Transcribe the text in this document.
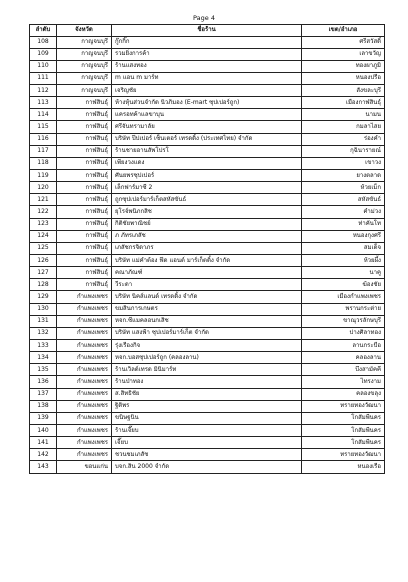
Page 4
ลำดับ	จังหวัด	ชื่อร้าน	เขต/อำเภอ
108	กาญจนบุรี	กู๊กกิ๊ก	ศรีสวัสดิ์
109	กาญจนบุรี	รวมยิ่งการค้า	เลาขวัญ
110	กาญจนบุรี	ร้านแสงทอง	ทองผาภูมิ
111	กาญจนบุรี	m แอน m มาร์ท	หนองปรือ
112	กาญจนบุรี	เจริญชัย	สังขละบุรี
113	กาฬสินธุ์	ห้างหุ้นส่วนจำกัด นิวภิมอง (E-mart ซุปเปอร์ถูก)	เมืองกาฬสินธุ์
114	กาฬสินธุ์	แครอทค้าแลขาบุน	นามน
115	กาฬสินธุ์	ศรีจันทรามาลัย	กมลาไสย
116	กาฬสินธุ์	บริษัท ปีปเปอร์ เซ็นเตอร์ เทรดดิ้ง (ประเทศไทย) จำกัด	ร่องคำ
117	กาฬสินธุ์	ร้านชายอานสัพโปรโ	กุฉินารายณ์
118	กาฬสินธุ์	เพียงวงแดง	เขาวง
119	กาฬสินธุ์	ศันยพรซุปเปอร์	ยางตลาด
120	กาฬสินธุ์	เล็กฟาร์มาซี 2	ห้วยเม็ก
121	กาฬสินธุ์	ถูกซุปเปอร์มาร์เก็ตสหัสขันธ์	สหัสขันธ์
122	กาฬสินธุ์	ยุโรจ์พนิภกสิช	คำม่วง
123	กาฬสินธุ์	กิติชัยพาณิชย์	ท่าคันโท
124	กาฬสินธุ์	ภ ภัทรเภสัช	หนองกุงศรี
125	กาฬสินธุ์	เภสัชกรจิดาภร	สมเด็จ
126	กาฬสินธุ์	บริษัท แม่คำต้อง ฟีด แอนด์ มาร์เก็ตติ้ง จำกัด	ห้วยผึ้ง
127	กาฬสินธุ์	คณาภัณฑ์	นาคู
128	กาฬสินธุ์	วีระดา	ฆ้องชัย
129	กำแพงเพชร	บริษัท นิคส์แลนด์ เทรดดิ้ง จำกัด	เมืองกำแพงเพชร
130	กำแพงเพชร	ขมสินการเกษตร	พรานกระต่าย
131	กำแพงเพชร	หจก.ซีแมคลอนกเสิช	ขาณุวรลักษบุรี
132	กำแพงเพชร	บริษัท แสงฟ้า ซุปเปอร์มาร์เก็ต จำกัด	ปางศิลาทอง
133	กำแพงเพชร	รุ่งเรืองกิจ	ลานกระบือ
134	กำแพงเพชร	หจก.บอสซุปเปอร์ถูก (คลองลาน)	คลองลาน
135	กำแพงเพชร	ร้านเวิลด์เทรด มินิมาร์ท	บึงสามัคคี
136	กำแพงเพชร	ร้านป่าทอง	ไทรงาม
137	กำแพงเพชร	ส.สิทธิชัย	คลองขลุง
138	กำแพงเพชร	ฐิติพร	ทรายทองวัฒนา
139	กำแพงเพชร	ขนิษฐนิน	โกสัมพีนคร
140	กำแพงเพชร	ร้านเจี๊ยบ	โกสัมพีนคร
141	กำแพงเพชร	เจี๊ยบ	โกสัมพีนคร
142	กำแพงเพชร	ชวนชมเภสัช	ทรายทองวัฒนา
143	ขอนแก่น	บจก.สิน 2000 จำกัด	หนองเรือ
